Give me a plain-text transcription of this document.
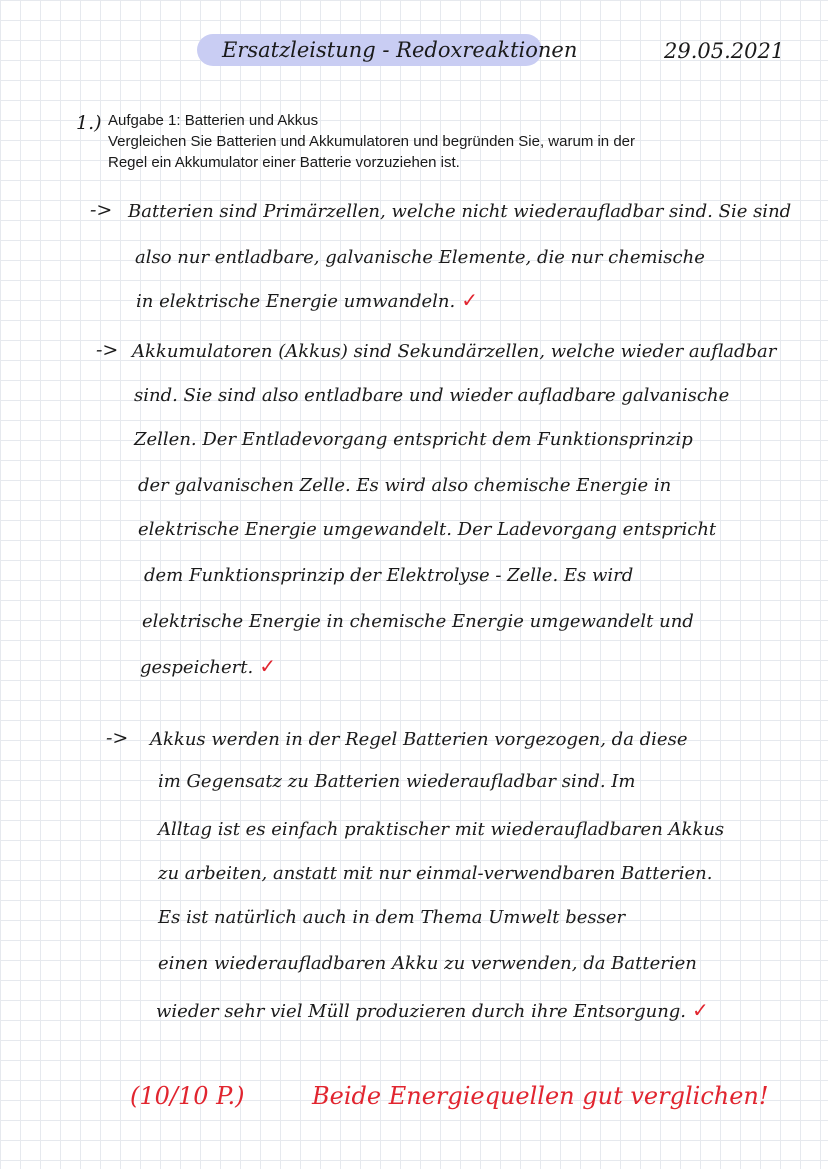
Ersatzleistung - Redoxreaktionen	29.05.2021
1.) Aufgabe 1: Batterien und Akkus
Vergleichen Sie Batterien und Akkumulatoren und begründen Sie, warum in der
Regel ein Akkumulator einer Batterie vorzuziehen ist.
-> Batterien sind Primärzellen, welche nicht wiederaufladbar sind. Sie sind
also nur entladbare, galvanische Elemente, die nur chemische
in elektrische Energie umwandeln. ✓
-> Akkumulatoren (Akkus) sind Sekundärzellen, welche wieder aufladbar
sind. Sie sind also entladbare und wieder aufladbare galvanische
Zellen. Der Entladevorgang entspricht dem Funktionsprinzip
der galvanischen Zelle. Es wird also chemische Energie in
elektrische Energie umgewandelt. Der Ladevorgang entspricht
dem Funktionsprinzip der Elektrolyse - Zelle. Es wird
elektrische Energie in chemische Energie umgewandelt und
gespeichert. ✓
-> Akkus werden in der Regel Batterien vorgezogen, da diese
im Gegensatz zu Batterien wiederaufladbar sind. Im
Alltag ist es einfach praktischer mit wiederaufladbaren Akkus
zu arbeiten, anstatt mit nur einmal-verwendbaren Batterien.
Es ist natürlich auch in dem Thema Umwelt besser
einen wiederaufladbaren Akku zu verwenden, da Batterien
wieder sehr viel Müll produzieren durch ihre Entsorgung. ✓
(10/10 P.)	Beide Energiequellen gut verglichen!
